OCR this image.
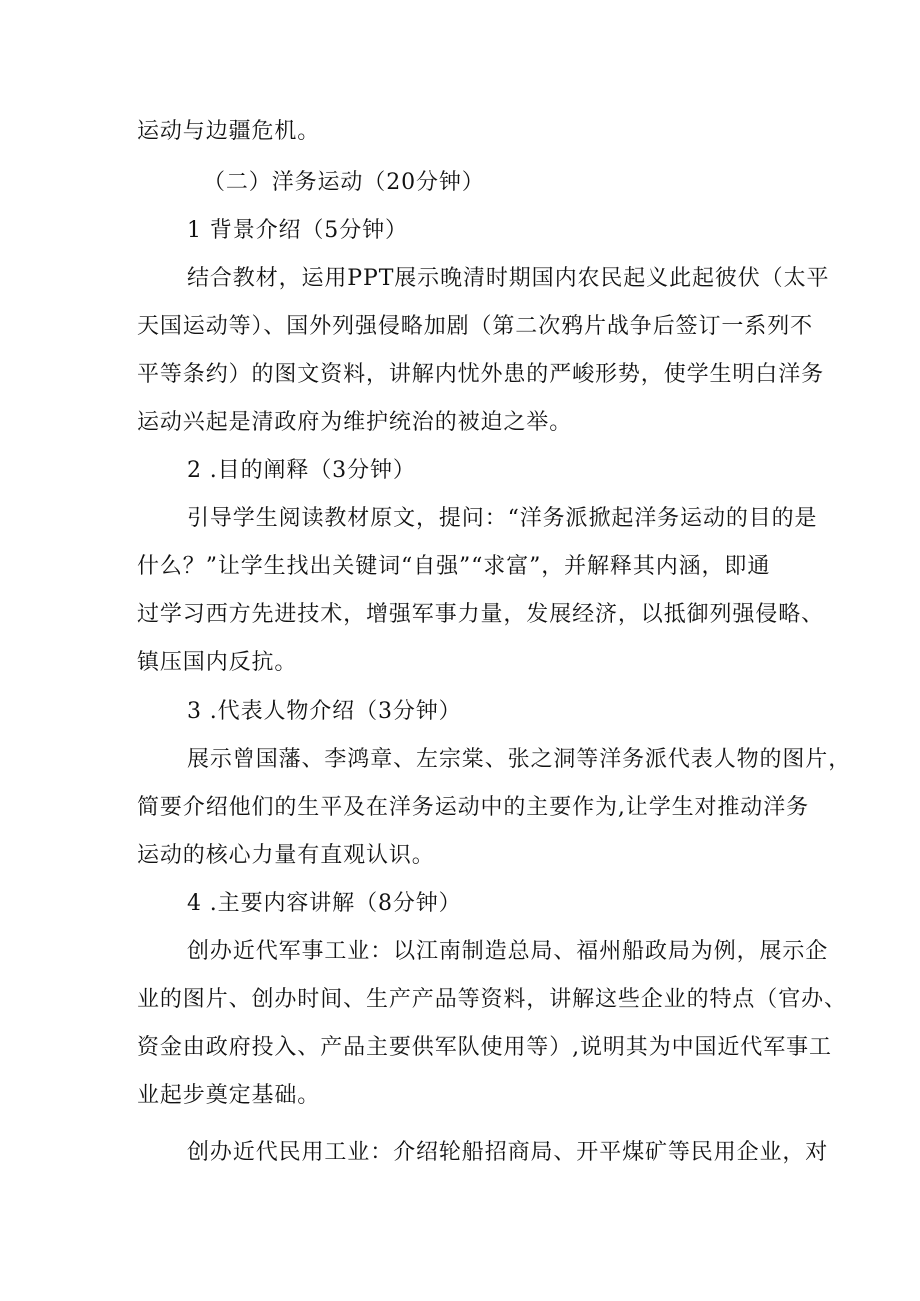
运动与边疆危机。
（二）洋务运动（20分钟）
1 背景介绍（5分钟）
结合教材，运用PPT展示晚清时期国内农民起义此起彼伏（太平
天国运动等）、国外列强侵略加剧（第二次鸦片战争后签订一系列不
平等条约）的图文资料，讲解内忧外患的严峻形势，使学生明白洋务
运动兴起是清政府为维护统治的被迫之举。
2 .目的阐释（3分钟）
引导学生阅读教材原文，提问：“洋务派掀起洋务运动的目的是
什么？”让学生找出关键词“自强”“求富”，并解释其内涵，即通
过学习西方先进技术，增强军事力量，发展经济，以抵御列强侵略、
镇压国内反抗。
3 .代表人物介绍（3分钟）
展示曾国藩、李鸿章、左宗棠、张之洞等洋务派代表人物的图片，
简要介绍他们的生平及在洋务运动中的主要作为,让学生对推动洋务
运动的核心力量有直观认识。
4 .主要内容讲解（8分钟）
创办近代军事工业：以江南制造总局、福州船政局为例，展示企
业的图片、创办时间、生产产品等资料，讲解这些企业的特点（官办、
资金由政府投入、产品主要供军队使用等）,说明其为中国近代军事工
业起步奠定基础。
创办近代民用工业：介绍轮船招商局、开平煤矿等民用企业，对
